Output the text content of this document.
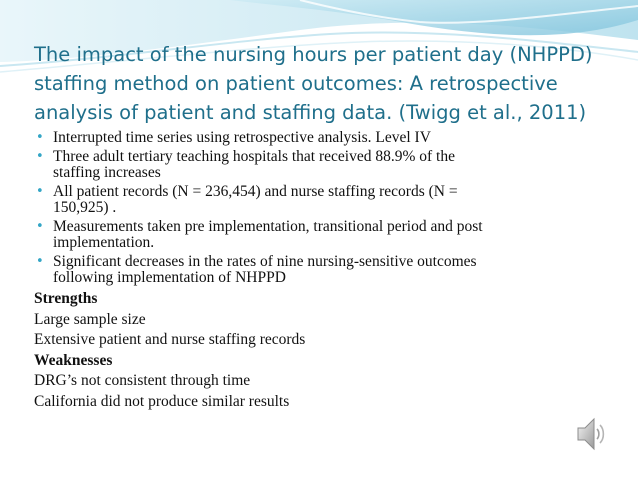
The impact of the nursing hours per patient day (NHPPD)
staffing method on patient outcomes: A retrospective
analysis of patient and staffing data. (Twigg et al., 2011)
• Interrupted time series using retrospective analysis. Level IV
• Three adult tertiary teaching hospitals that received 88.9% of the
staffing increases
• All patient records (N = 236,454) and nurse staffing records (N =
150,925) .
• Measurements taken pre implementation, transitional period and post
implementation.
• Significant decreases in the rates of nine nursing-sensitive outcomes
following implementation of NHPPD
Strengths
Large sample size
Extensive patient and nurse staffing records
Weaknesses
DRG’s not consistent through time
California did not produce similar results
